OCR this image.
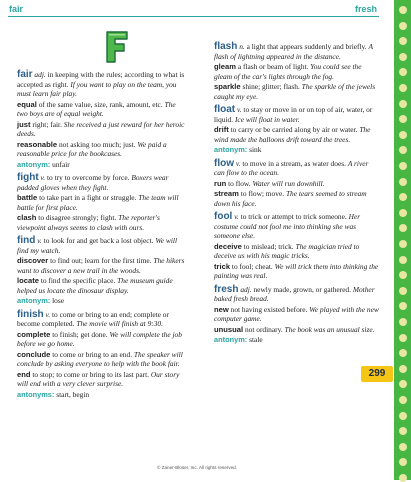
fair	fresh
fair adj. in keeping with the rules; according to what is accepted as right. If you want to play on the team, you must learn fair play.
equal of the same value, size, rank, amount, etc. The two boys are of equal weight.
just right; fair. She received a just reward for her heroic deeds.
reasonable not asking too much; just. We paid a reasonable price for the bookcases.
antonym: unfair
fight v. to try to overcome by force. Boxers wear padded gloves when they fight.
battle to take part in a fight or struggle. The team will battle for first place.
clash to disagree strongly; fight. The reporter's viewpoint always seems to clash with ours.
find v. to look for and get back a lost object. We will find my watch.
discover to find out; learn for the first time. The hikers want to discover a new trail in the woods.
locate to find the specific place. The museum guide helped us locate the dinosaur display.
antonym: lose
finish v. to come or bring to an end; complete or become completed. The movie will finish at 9:30.
complete to finish; get done. We will complete the job before we go home.
conclude to come or bring to an end. The speaker will conclude by asking everyone to help with the book fair.
end to stop; to come or bring to its last part. Our story will end with a very clever surprise.
antonyms: start, begin
flash n. a light that appears suddenly and briefly. A flash of lightning appeared in the distance.
gleam a flash or beam of light. You could see the gleam of the car's lights through the fog.
sparkle shine; glitter; flash. The sparkle of the jewels caught my eye.
float v. to stay or move in or on top of air, water, or liquid. Ice will float in water.
drift to carry or be carried along by air or water. The wind made the balloons drift toward the trees.
antonym: sink
flow v. to move in a stream, as water does. A river can flow to the ocean.
run to flow. Water will run downhill.
stream to flow; move. The tears seemed to stream down his face.
fool v. to trick or attempt to trick someone. Her costume could not fool me into thinking she was someone else.
deceive to mislead; trick. The magician tried to deceive us with his magic tricks.
trick to fool; cheat. We will trick them into thinking the painting was real.
fresh adj. newly made, grown, or gathered. Mother baked fresh bread.
new not having existed before. We played with the new computer game.
unusual not ordinary. The book was an unusual size.
antonym: stale
299
© Zaner-Bloser, Inc. All rights reserved.
